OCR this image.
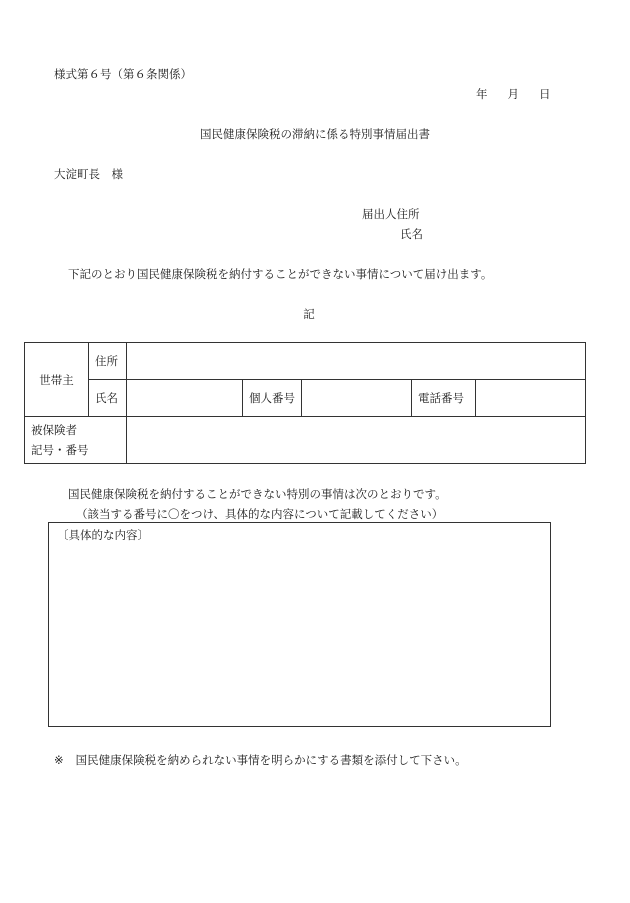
様式第６号（第６条関係）
年 月 日
国民健康保険税の滞納に係る特別事情届出書
大淀町長　様
届出人住所
氏名
下記のとおり国民健康保険税を納付することができない事情について届け出ます。
記
世帯主	住所					
	氏名		個人番号		電話番号	

被保険者
記号・番号						

国民健康保険税を納付することができない特別の事情は次のとおりです。
（該当する番号に〇をつけ、具体的な内容について記載してください）
〔具体的な内容〕
※ 国民健康保険税を納められない事情を明らかにする書類を添付して下さい。
